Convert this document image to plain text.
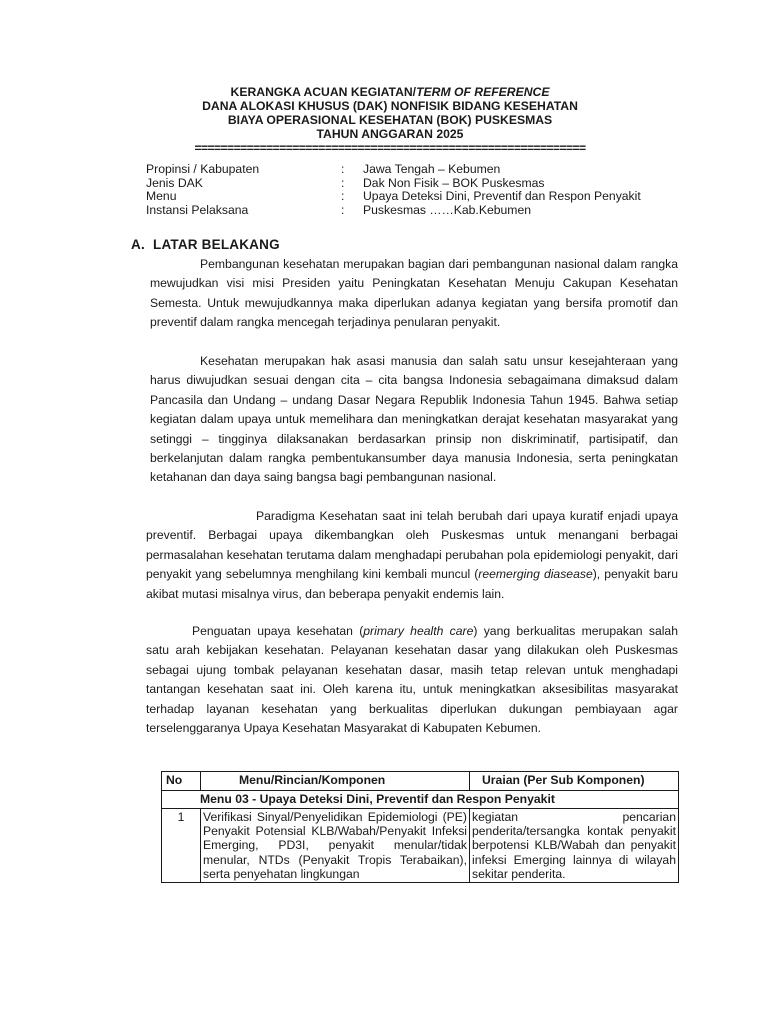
KERANGKA ACUAN KEGIATAN/TERM OF REFERENCE
DANA ALOKASI KHUSUS (DAK) NONFISIK BIDANG KESEHATAN
BIAYA OPERASIONAL KESEHATAN (BOK) PUSKESMAS
TAHUN ANGGARAN 2025
============================================================
Propinsi / Kabupaten	:	Jawa Tengah – Kebumen
Jenis DAK	:	Dak Non Fisik – BOK Puskesmas
Menu	:	Upaya Deteksi Dini, Preventif dan Respon Penyakit
Instansi Pelaksana	:	Puskesmas ……Kab.Kebumen
A. LATAR BELAKANG

Pembangunan kesehatan merupakan bagian dari pembangunan nasional dalam rangka mewujudkan visi misi Presiden yaitu Peningkatan Kesehatan Menuju Cakupan Kesehatan Semesta. Untuk mewujudkannya maka diperlukan adanya kegiatan yang bersifa promotif dan preventif dalam rangka mencegah terjadinya penularan penyakit.

Kesehatan merupakan hak asasi manusia dan salah satu unsur kesejahteraan yang harus diwujudkan sesuai dengan cita – cita bangsa Indonesia sebagaimana dimaksud dalam Pancasila dan Undang – undang Dasar Negara Republik Indonesia Tahun 1945. Bahwa setiap kegiatan dalam upaya untuk memelihara dan meningkatkan derajat kesehatan masyarakat yang setinggi – tingginya dilaksanakan berdasarkan prinsip non diskriminatif, partisipatif, dan berkelanjutan dalam rangka pembentukansumber daya manusia Indonesia, serta peningkatan ketahanan dan daya saing bangsa bagi pembangunan nasional.

Paradigma Kesehatan saat ini telah berubah dari upaya kuratif enjadi upaya preventif. Berbagai upaya dikembangkan oleh Puskesmas untuk menangani berbagai permasalahan kesehatan terutama dalam menghadapi perubahan pola epidemiologi penyakit, dari penyakit yang sebelumnya menghilang kini kembali muncul (reemerging diasease), penyakit baru akibat mutasi misalnya virus, dan beberapa penyakit endemis lain.

Penguatan upaya kesehatan (primary health care) yang berkualitas merupakan salah satu arah kebijakan kesehatan. Pelayanan kesehatan dasar yang dilakukan oleh Puskesmas sebagai ujung tombak pelayanan kesehatan dasar, masih tetap relevan untuk menghadapi tantangan kesehatan saat ini. Oleh karena itu, untuk meningkatkan aksesibilitas masyarakat terhadap layanan kesehatan yang berkualitas diperlukan dukungan pembiayaan agar terselenggaranya Upaya Kesehatan Masyarakat di Kabupaten Kebumen.

No	Menu/Rincian/Komponen	Uraian (Per Sub Komponen)
Menu 03 - Upaya Deteksi Dini, Preventif dan Respon Penyakit		
1	Verifikasi Sinyal/Penyelidikan Epidemiologi (PE) Penyakit Potensial KLB/Wabah/Penyakit Infeksi Emerging, PD3I, penyakit menular/tidak menular, NTDs (Penyakit Tropis Terabaikan), serta penyehatan lingkungan	kegiatan pencarian penderita/tersangka kontak penyakit berpotensi KLB/Wabah dan penyakit infeksi Emerging lainnya di wilayah sekitar penderita.
